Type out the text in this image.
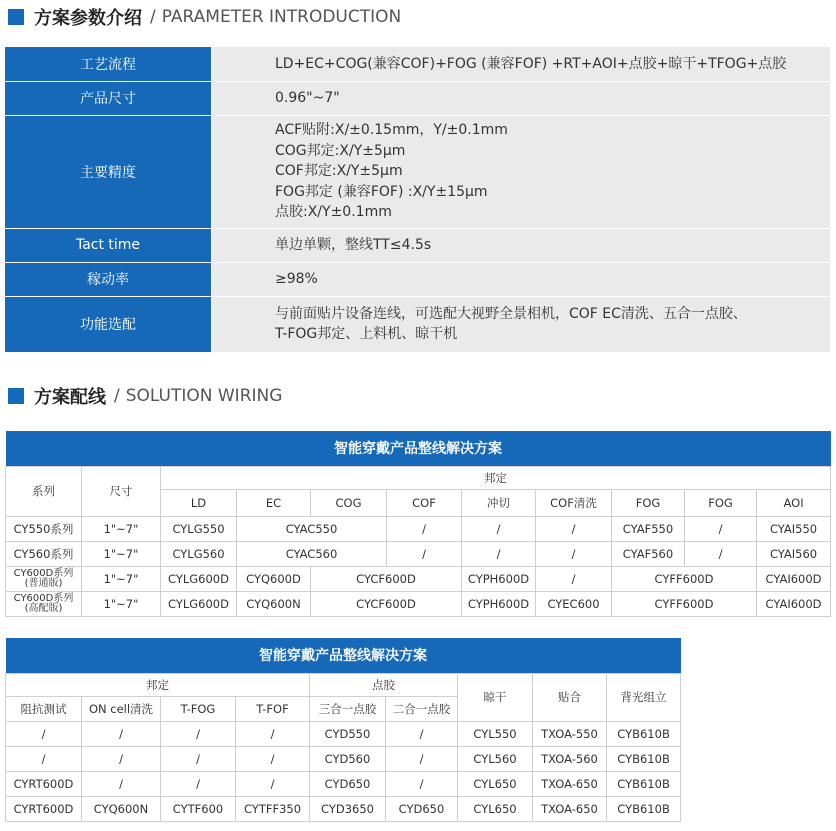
方案参数介绍 / PARAMETER INTRODUCTION
工艺流程	LD+EC+COG(兼容COF)+FOG (兼容FOF) +RT+AOI+点胶+晾干+TFOG+点胶
产品尺寸	0.96"~7"
主要精度	ACF贴附:X/±0.15mm，Y/±0.1mm
COG邦定:X/Y±5μm
COF邦定:X/Y±5μm
FOG邦定 (兼容FOF) :X/Y±15μm
点胶:X/Y±0.1mm

Tact time	单边单颗，整线TT≤4.5s
稼动率	≥98%
功能选配	与前面贴片设备连线，可选配大视野全景相机，COF EC清洗、五合一点胶、
T-FOG邦定、上料机、晾干机
方案配线 / SOLUTION WIRING
智能穿戴产品整线解决方案										
系列	尺寸	邦定								
		LD	EC	COG	COF	冲切	COF清洗	FOG	FOG	AOI
CY550系列	1"~7"	CYLG550	CYAC550		/	/	/	CYAF550	/	CYAI550
CY560系列	1"~7"	CYLG560	CYAC560		/	/	/	CYAF560	/	CYAI560

CY600D系列
(普通版)	1"~7"	CYLG600D	CYQ600D	CYCF600D		CYPH600D	/	CYFF600D		CYAI600D

CY600D系列
(高配版)	1"~7"	CYLG600D	CYQ600N	CYCF600D		CYPH600D	CYEC600	CYFF600D		CYAI600D
智能穿戴产品整线解决方案								
邦定				点胶		晾干	贴合	背光组立
阻抗测试	ON cell清洗	T-FOG	T-FOF	三合一点胶	二合一点胶			
/	/	/	/	CYD550	/	CYL550	TXOA-550	CYB610B
/	/	/	/	CYD560	/	CYL560	TXOA-560	CYB610B
CYRT600D	/	/	/	CYD650	/	CYL650	TXOA-650	CYB610B
CYRT600D	CYQ600N	CYTF600	CYTFF350	CYD3650	CYD650	CYL650	TXOA-650	CYB610B
